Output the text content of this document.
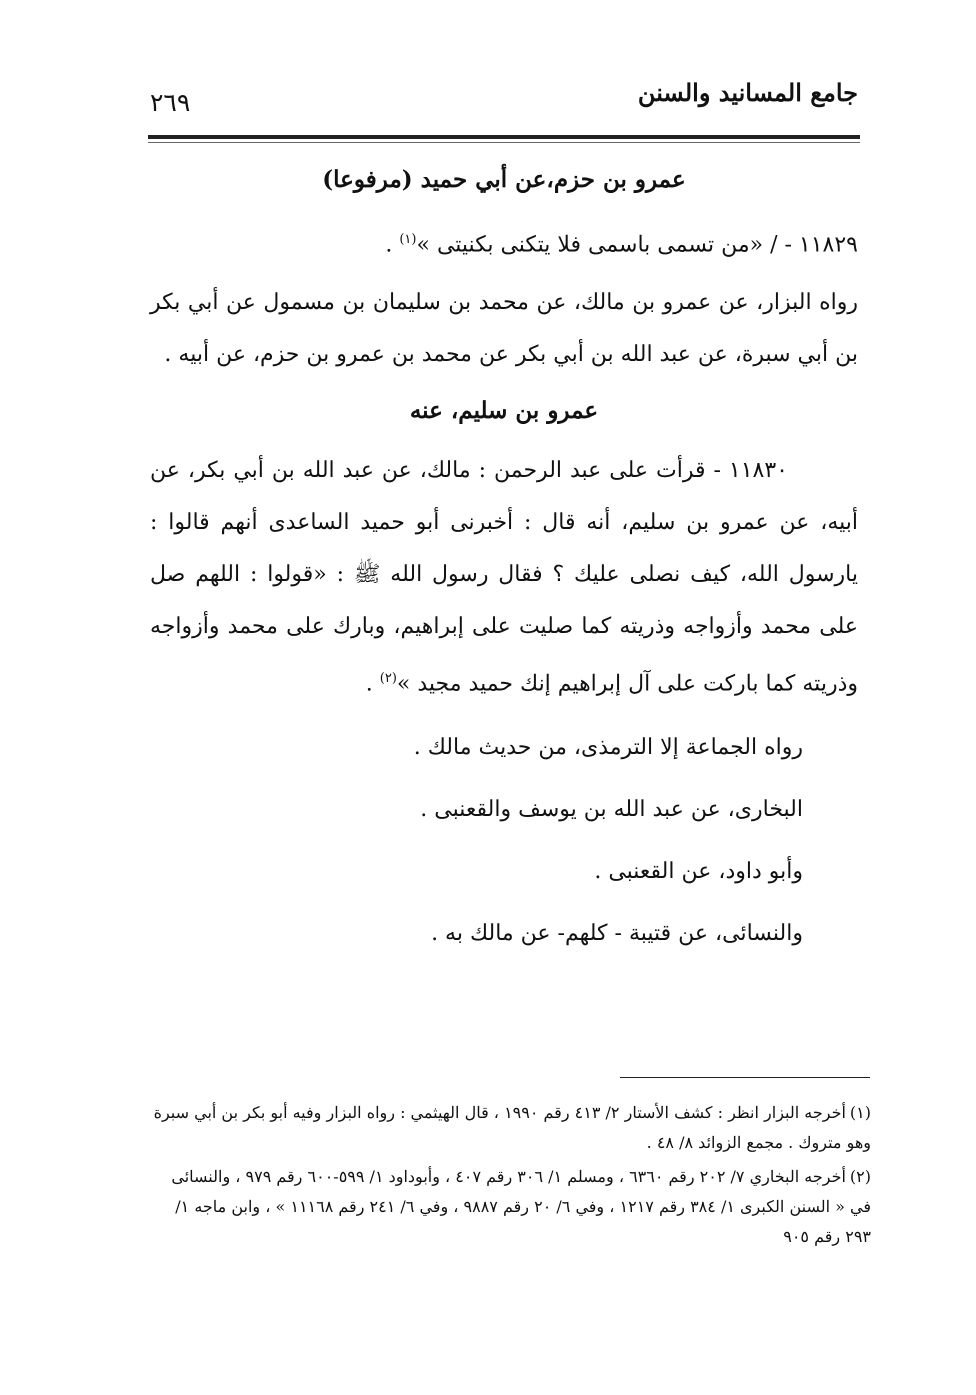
جامع المسانيد والسنن
٢٦٩
عمرو بن حزم،عن أبي حميد (مرفوعا)

١١٨٢٩ - / «من تسمى باسمى فلا يتكنى بكنيتى »$^{(١)}$ .

رواه البزار، عن عمرو بن مالك، عن محمد بن سليمان بن مسمول عن أبي بكر بن أبي سبرة، عن عبد الله بن أبي بكر عن محمد بن عمرو بن حزم، عن أبيه .

عمرو بن سليم، عنه

١١٨٣٠ - قرأت على عبد الرحمن : مالك، عن عبد الله بن أبي بكر، عن أبيه، عن عمرو بن سليم، أنه قال : أخبرنى أبو حميد الساعدى أنهم قالوا : يارسول الله، كيف نصلى عليك ؟ فقال رسول الله ﷺ : «قولوا : اللهم صل على محمد وأزواجه وذريته كما صليت على إبراهيم، وبارك على محمد وأزواجه وذريته كما باركت على آل إبراهيم إنك حميد مجيد »$^{(٢)}$ .

رواه الجماعة إلا الترمذى، من حديث مالك .
البخارى، عن عبد الله بن يوسف والقعنبى .
وأبو داود، عن القعنبى .
والنسائى، عن قتيبة - كلهم- عن مالك به .

(١)أخرجه البزار انظر : كشف الأستار ٢/ ٤١٣ رقم ١٩٩٠ ، قال الهيثمي : رواه البزار وفيه أبو بكر بن أبي سبرة وهو متروك . مجمع الزوائد ٨/ ٤٨ .

(٢)أخرجه البخاري ٧/ ٢٠٢ رقم ٦٣٦٠ ، ومسلم ١/ ٣٠٦ رقم ٤٠٧ ، وأبوداود ١/ ٥٩٩-٦٠٠ رقم ٩٧٩ ، والنسائى في « السنن الكبرى ١/ ٣٨٤ رقم ١٢١٧ ، وفي ٦/ ٢٠ رقم ٩٨٨٧ ، وفي ٦/ ٢٤١ رقم ١١١٦٨ » ، وابن ماجه ١/ ٢٩٣ رقم ٩٠٥
